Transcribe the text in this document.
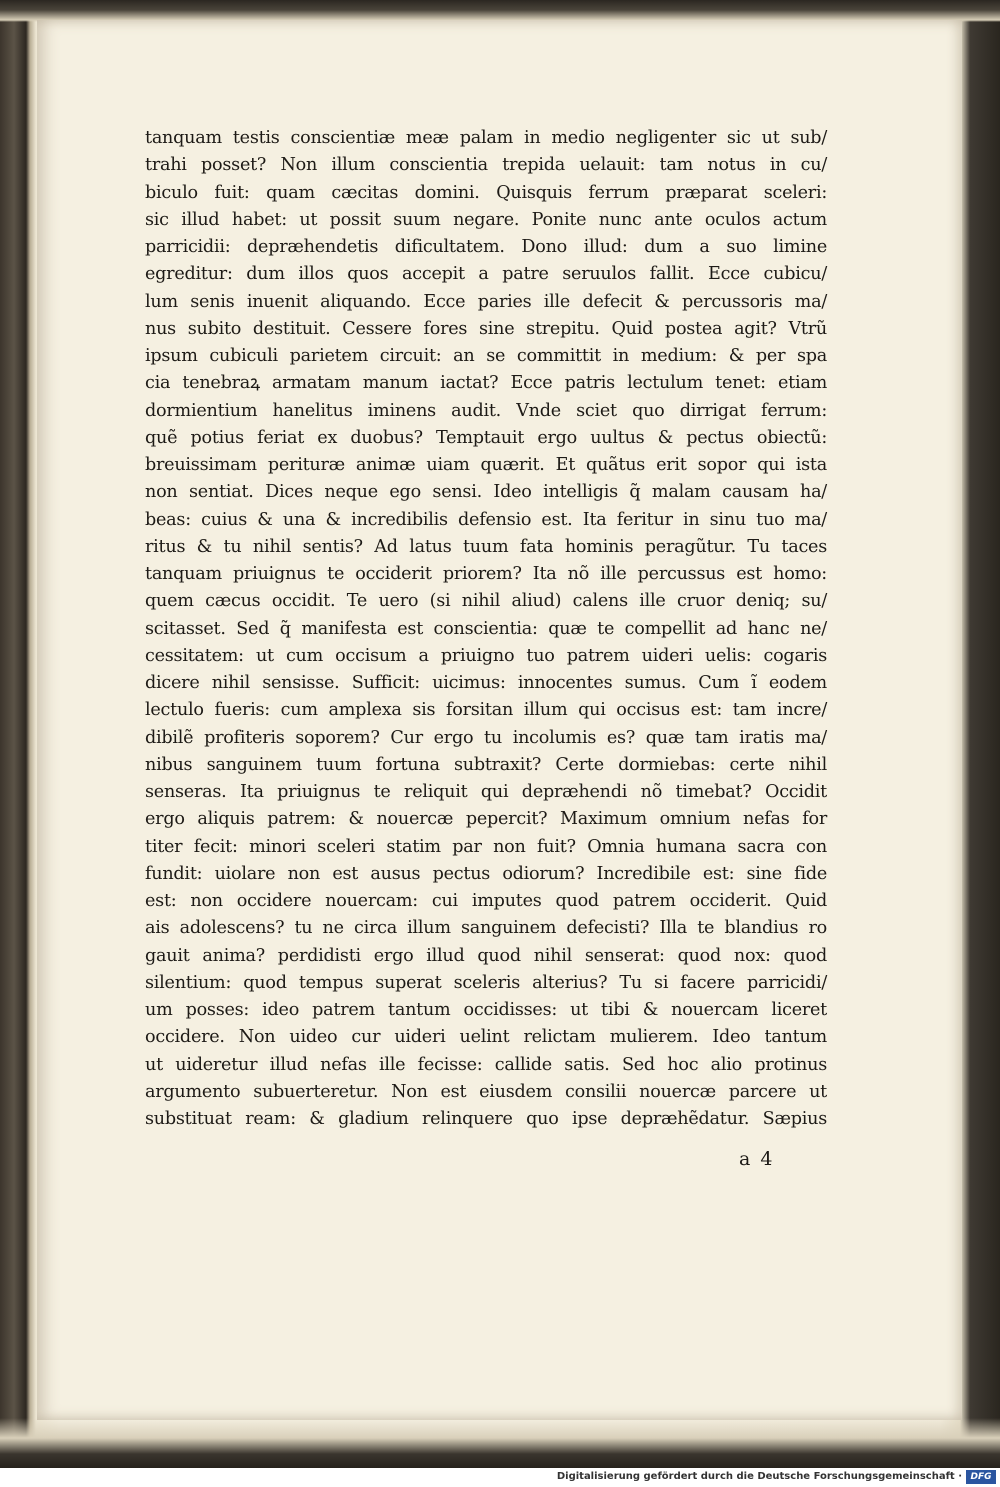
tanquam testis conscientiæ meæ palam in medio negligenter sic ut sub/
trahi posset? Non illum conscientia trepida uelauit: tam notus in cu/
biculo fuit: quam cæcitas domini. Quisquis ferrum præparat sceleri:
sic illud habet: ut possit suum negare. Ponite nunc ante oculos actum
parricidii: depræhendetis dificultatem. Dono illud: dum a suo limine
egreditur: dum illos quos accepit a patre seruulos fallit. Ecce cubicu/
lum senis inuenit aliquando. Ecce paries ille defecit & percussoris ma/
nus subito destituit. Cessere fores sine strepitu. Quid postea agit? Vtrũ
ipsum cubiculi parietem circuit: an se committit in medium: & per spa
cia tenebraꝝ armatam manum iactat? Ecce patris lectulum tenet: etiam
dormientium hanelitus iminens audit. Vnde sciet quo dirrigat ferrum:
quẽ potius feriat ex duobus? Temptauit ergo uultus & pectus obiectũ:
breuissimam perituræ animæ uiam quærit. Et quãtus erit sopor qui ista
non sentiat. Dices neque ego sensi. Ideo intelligis q̃ malam causam ha/
beas: cuius & una & incredibilis defensio est. Ita feritur in sinu tuo ma/
ritus & tu nihil sentis? Ad latus tuum fata hominis peragũtur. Tu taces
tanquam priuignus te occiderit priorem? Ita nõ ille percussus est homo:
quem cæcus occidit. Te uero (si nihil aliud) calens ille cruor deniq; su/
scitasset. Sed q̃ manifesta est conscientia: quæ te compellit ad hanc ne/
cessitatem: ut cum occisum a priuigno tuo patrem uideri uelis: cogaris
dicere nihil sensisse. Sufficit: uicimus: innocentes sumus. Cum ĩ eodem
lectulo fueris: cum amplexa sis forsitan illum qui occisus est: tam incre/
dibilẽ profiteris soporem? Cur ergo tu incolumis es? quæ tam iratis ma/
nibus sanguinem tuum fortuna subtraxit? Certe dormiebas: certe nihil
senseras. Ita priuignus te reliquit qui depræhendi nõ timebat? Occidit
ergo aliquis patrem: & nouercæ pepercit? Maximum omnium nefas for
titer fecit: minori sceleri statim par non fuit? Omnia humana sacra con
fundit: uiolare non est ausus pectus odiorum? Incredibile est: sine fide
est: non occidere nouercam: cui imputes quod patrem occiderit. Quid
ais adolescens? tu ne circa illum sanguinem defecisti? Illa te blandius ro
gauit anima? perdidisti ergo illud quod nihil senserat: quod nox: quod
silentium: quod tempus superat sceleris alterius? Tu si facere parricidi/
um posses: ideo patrem tantum occidisses: ut tibi & nouercam liceret
occidere. Non uideo cur uideri uelint relictam mulierem. Ideo tantum
ut uideretur illud nefas ille fecisse: callide satis. Sed hoc alio protinus
argumento subuerteretur. Non est eiusdem consilii nouercæ parcere ut
substituat ream: & gladium relinquere quo ipse depræhẽdatur. Sæpius
a 4
Digitalisierung gefördert durch die Deutsche Forschungsgemeinschaft · DFG
